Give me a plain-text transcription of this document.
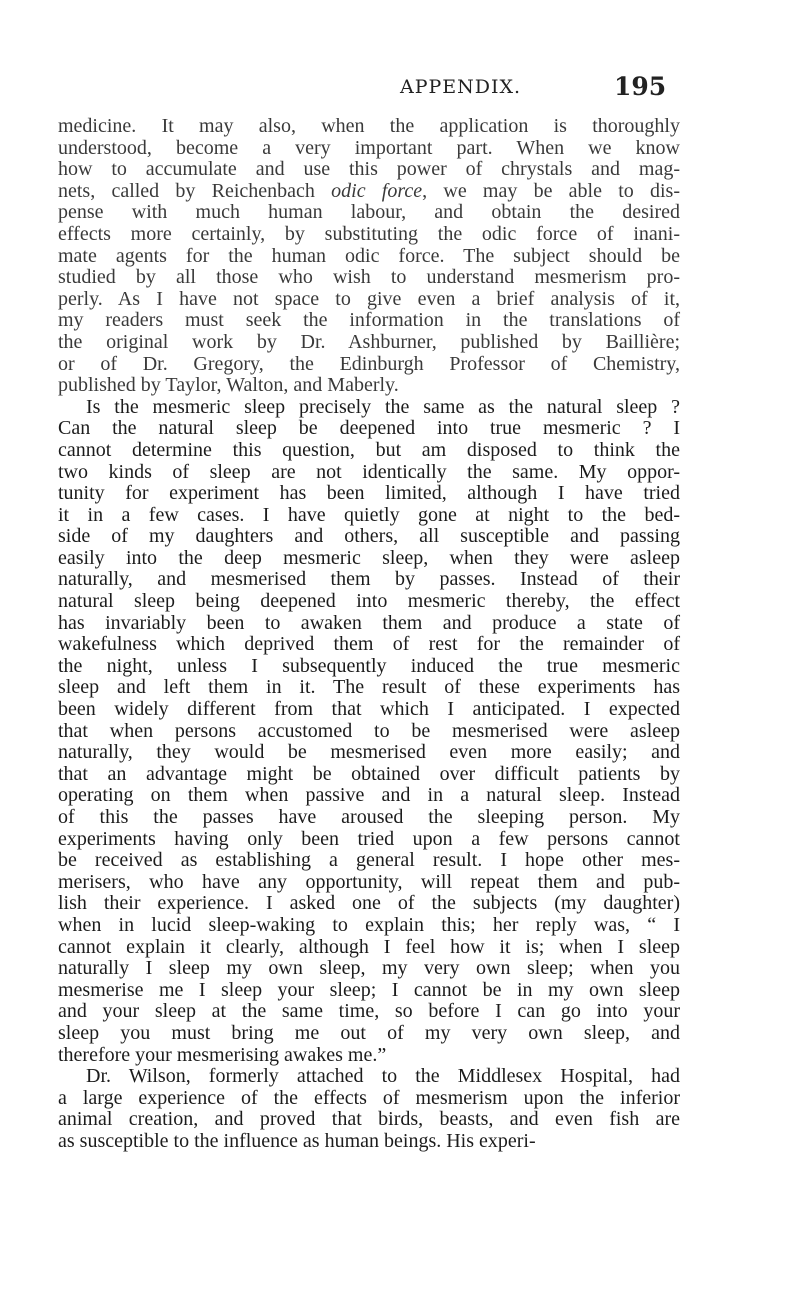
APPENDIX.	195

medicine. It may also, when the application is thoroughly
understood, become a very important part. When we know
how to accumulate and use this power of chrystals and mag-
nets, called by Reichenbach odic force, we may be able to dis-
pense with much human labour, and obtain the desired
effects more certainly, by substituting the odic force of inani-
mate agents for the human odic force. The subject should be
studied by all those who wish to understand mesmerism pro-
perly. As I have not space to give even a brief analysis of it,
my readers must seek the information in the translations of
the original work by Dr. Ashburner, published by Baillière;
or of Dr. Gregory, the Edinburgh Professor of Chemistry,
published by Taylor, Walton, and Maberly.

Is the mesmeric sleep precisely the same as the natural sleep ?
Can the natural sleep be deepened into true mesmeric ? I
cannot determine this question, but am disposed to think the
two kinds of sleep are not identically the same. My oppor-
tunity for experiment has been limited, although I have tried
it in a few cases. I have quietly gone at night to the bed-
side of my daughters and others, all susceptible and passing
easily into the deep mesmeric sleep, when they were asleep
naturally, and mesmerised them by passes. Instead of their
natural sleep being deepened into mesmeric thereby, the effect
has invariably been to awaken them and produce a state of
wakefulness which deprived them of rest for the remainder of
the night, unless I subsequently induced the true mesmeric
sleep and left them in it. The result of these experiments has
been widely different from that which I anticipated. I expected
that when persons accustomed to be mesmerised were asleep
naturally, they would be mesmerised even more easily; and
that an advantage might be obtained over difficult patients by
operating on them when passive and in a natural sleep. Instead
of this the passes have aroused the sleeping person. My
experiments having only been tried upon a few persons cannot
be received as establishing a general result. I hope other mes-
merisers, who have any opportunity, will repeat them and pub-
lish their experience. I asked one of the subjects (my daughter)
when in lucid sleep-waking to explain this; her reply was, “ I
cannot explain it clearly, although I feel how it is; when I sleep
naturally I sleep my own sleep, my very own sleep; when you
mesmerise me I sleep your sleep; I cannot be in my own sleep
and your sleep at the same time, so before I can go into your
sleep you must bring me out of my very own sleep, and
therefore your mesmerising awakes me.”

Dr. Wilson, formerly attached to the Middlesex Hospital, had
a large experience of the effects of mesmerism upon the inferior
animal creation, and proved that birds, beasts, and even fish are
as susceptible to the influence as human beings. His experi-
